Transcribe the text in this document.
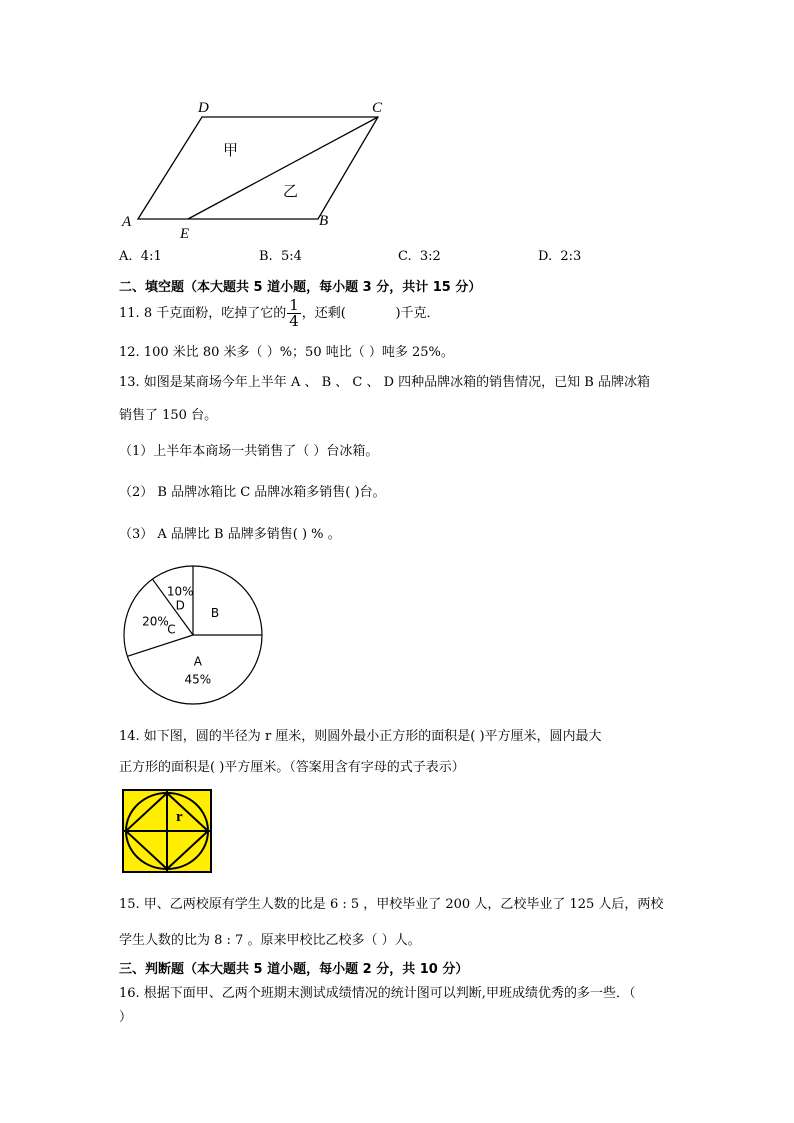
D	C
A	B
E
甲
乙
A. 4:1	B. 5:4	C. 3:2	D. 2:3
二、填空题（本大题共 5 道小题，每小题 3 分，共计 15 分）
11. 8 千克面粉，吃掉了它的 $\frac{1}{4}$ ，还剩(	)千克．
12. 100 米比 80 米多（ ）%；50 吨比（ ）吨多 25%。
13. 如图是某商场今年上半年 A 、 B 、 C 、 D 四种品牌冰箱的销售情况，已知 B 品牌冰箱
销售了 150 台。
（1）上半年本商场一共销售了（ ）台冰箱。
（2） B 品牌冰箱比 C 品牌冰箱多销售( )台。
（3） A 品牌比 B 品牌多销售( ) % 。
B
A
45%
C
20%
D
10%
14. 如下图，圆的半径为 r 厘米，则圆外最小正方形的面积是( )平方厘米，圆内最大
正方形的面积是( )平方厘米。（答案用含有字母的式子表示）
r
15. 甲、乙两校原有学生人数的比是 6 : 5 ，甲校毕业了 200 人，乙校毕业了 125 人后，两校
学生人数的比为 8 : 7 。原来甲校比乙校多（ ）人。
三、判断题（本大题共 5 道小题，每小题 2 分，共 10 分）
16. 根据下面甲、乙两个班期末测试成绩情况的统计图可以判断,甲班成绩优秀的多一些．（
）
